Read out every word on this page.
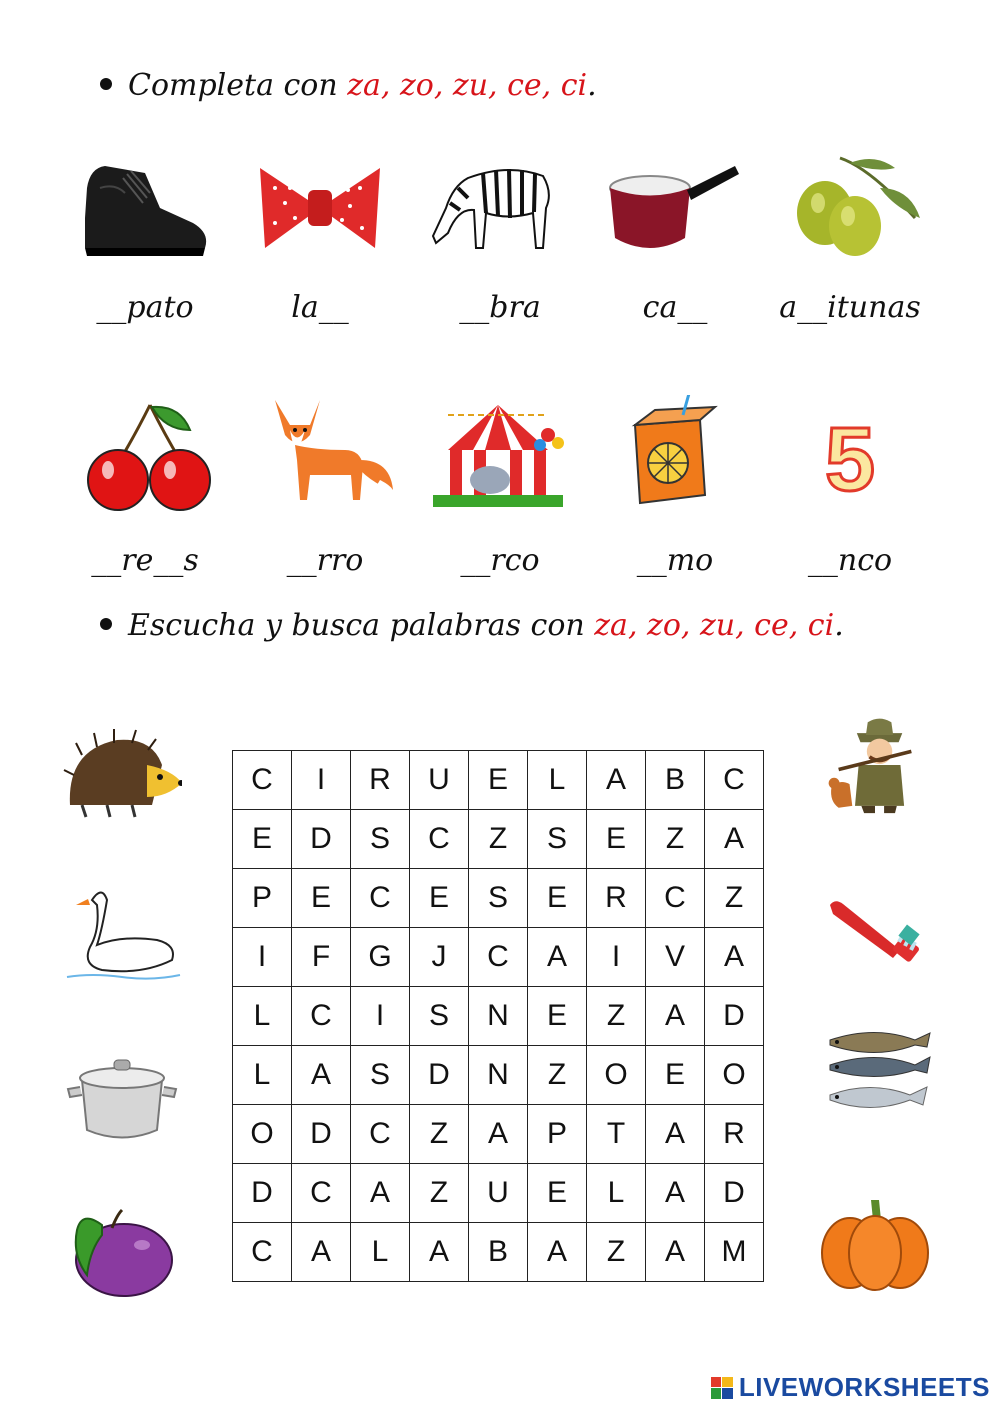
Completa con za, zo, zu, ce, ci.
__pato	la__	__bra	ca__	a__itunas
5
__re__s	__rro	__rco	__mo	__nco
Escucha y busca palabras con za, zo, zu, ce, ci.
C	I	R	U	E	L	A	B	C
E	D	S	C	Z	S	E	Z	A
P	E	C	E	S	E	R	C	Z
I	F	G	J	C	A	I	V	A
L	C	I	S	N	E	Z	A	D
L	A	S	D	N	Z	O	E	O
O	D	C	Z	A	P	T	A	R
D	C	A	Z	U	E	L	A	D
C	A	L	A	B	A	Z	A	M
LIVEWORKSHEETS
